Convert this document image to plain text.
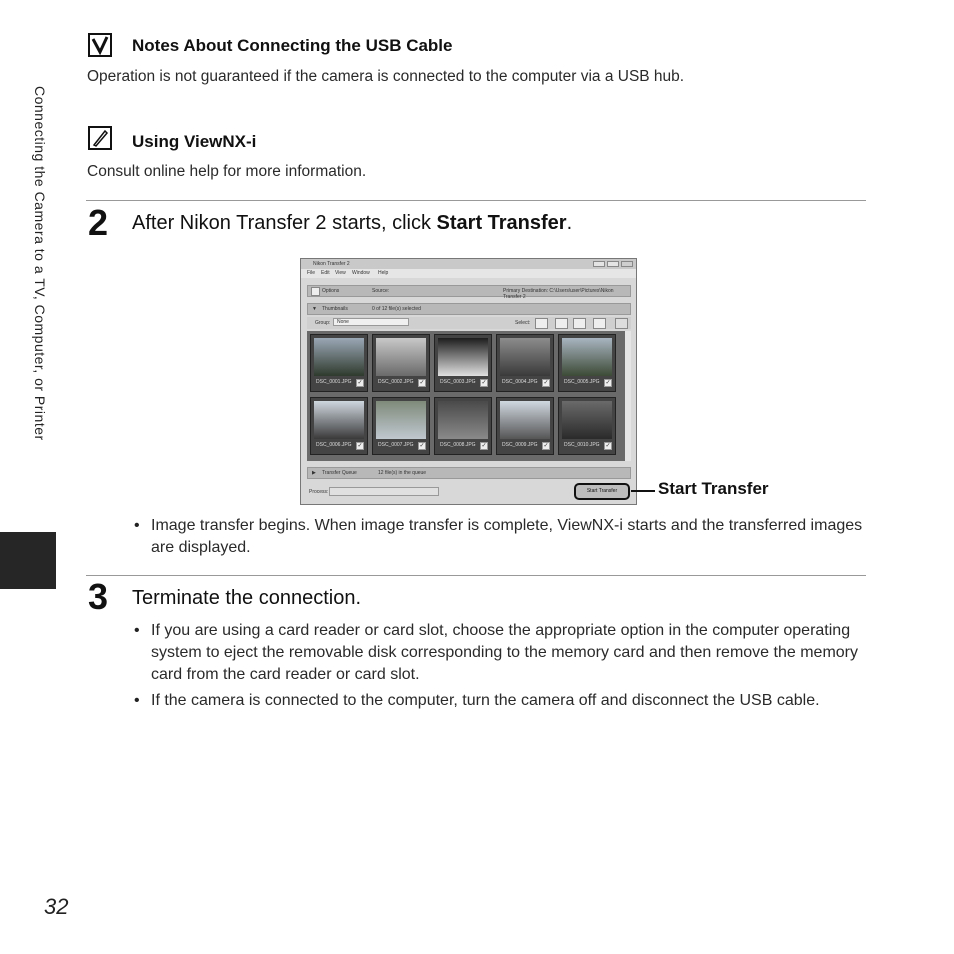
Connecting the Camera to a TV, Computer, or Printer
Notes About Connecting the USB Cable
Operation is not guaranteed if the camera is connected to the computer via a USB hub.
Using ViewNX-i
Consult online help for more information.
2 After Nikon Transfer 2 starts, click Start Transfer.
Nikon Transfer 2
File Edit View Window Help
Options	Source:	Primary Destination: C:\Users\user\Pictures\Nikon Transfer 2
▼ Thumbnails	0 of 12 file(s) selected
Group:	None	Select:
▶ Transfer Queue	12 file(s) in the queue
Process:
DSC_0001.JPG ✓	DSC_0002.JPG ✓	DSC_0003.JPG ✓	DSC_0004.JPG ✓	DSC_0005.JPG ✓
DSC_0006.JPG ✓	DSC_0007.JPG ✓	DSC_0008.JPG ✓	DSC_0009.JPG ✓	DSC_0010.JPG ✓
Start Transfer	Start Transfer
• Image transfer begins. When image transfer is complete, ViewNX-i starts and the transferred images are displayed.
3 Terminate the connection.
• If you are using a card reader or card slot, choose the appropriate option in the computer operating system to eject the removable disk corresponding to the memory card and then remove the memory card from the card reader or card slot.
• If the camera is connected to the computer, turn the camera off and disconnect the USB cable.
32
